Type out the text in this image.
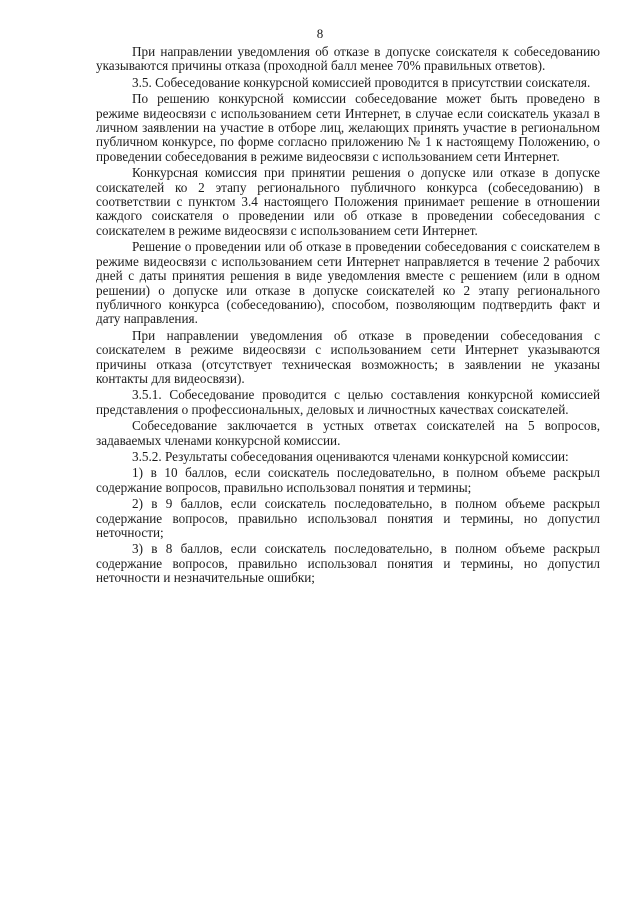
8

При направлении уведомления об отказе в допуске соискателя к собеседованию указываются причины отказа (проходной балл менее 70% правильных ответов).

3.5. Собеседование конкурсной комиссией проводится в присутствии соискателя.

По решению конкурсной комиссии собеседование может быть проведено в режиме видеосвязи с использованием сети Интернет, в случае если соискатель указал в личном заявлении на участие в отборе лиц, желающих принять участие в региональном публичном конкурсе, по форме согласно приложению № 1 к настоящему Положению, о проведении собеседования в режиме видеосвязи с использованием сети Интернет.

Конкурсная комиссия при принятии решения о допуске или отказе в допуске соискателей ко 2 этапу регионального публичного конкурса (собеседованию) в соответствии с пунктом 3.4 настоящего Положения принимает решение в отношении каждого соискателя о проведении или об отказе в проведении собеседования с соискателем в режиме видеосвязи с использованием сети Интернет.

Решение о проведении или об отказе в проведении собеседования с соискателем в режиме видеосвязи с использованием сети Интернет направляется в течение 2 рабочих дней с даты принятия решения в виде уведомления вместе с решением (или в одном решении) о допуске или отказе в допуске соискателей ко 2 этапу регионального публичного конкурса (собеседованию), способом, позволяющим подтвердить факт и дату направления.

При направлении уведомления об отказе в проведении собеседования с соискателем в режиме видеосвязи с использованием сети Интернет указываются причины отказа (отсутствует техническая возможность; в заявлении не указаны контакты для видеосвязи).

3.5.1. Собеседование проводится с целью составления конкурсной комиссией представления о профессиональных, деловых и личностных качествах соискателей.

Собеседование заключается в устных ответах соискателей на 5 вопросов, задаваемых членами конкурсной комиссии.

3.5.2. Результаты собеседования оцениваются членами конкурсной комиссии:

1) в 10 баллов, если соискатель последовательно, в полном объеме раскрыл содержание вопросов, правильно использовал понятия и термины;

2) в 9 баллов, если соискатель последовательно, в полном объеме раскрыл содержание вопросов, правильно использовал понятия и термины, но допустил неточности;

3) в 8 баллов, если соискатель последовательно, в полном объеме раскрыл содержание вопросов, правильно использовал понятия и термины, но допустил неточности и незначительные ошибки;
